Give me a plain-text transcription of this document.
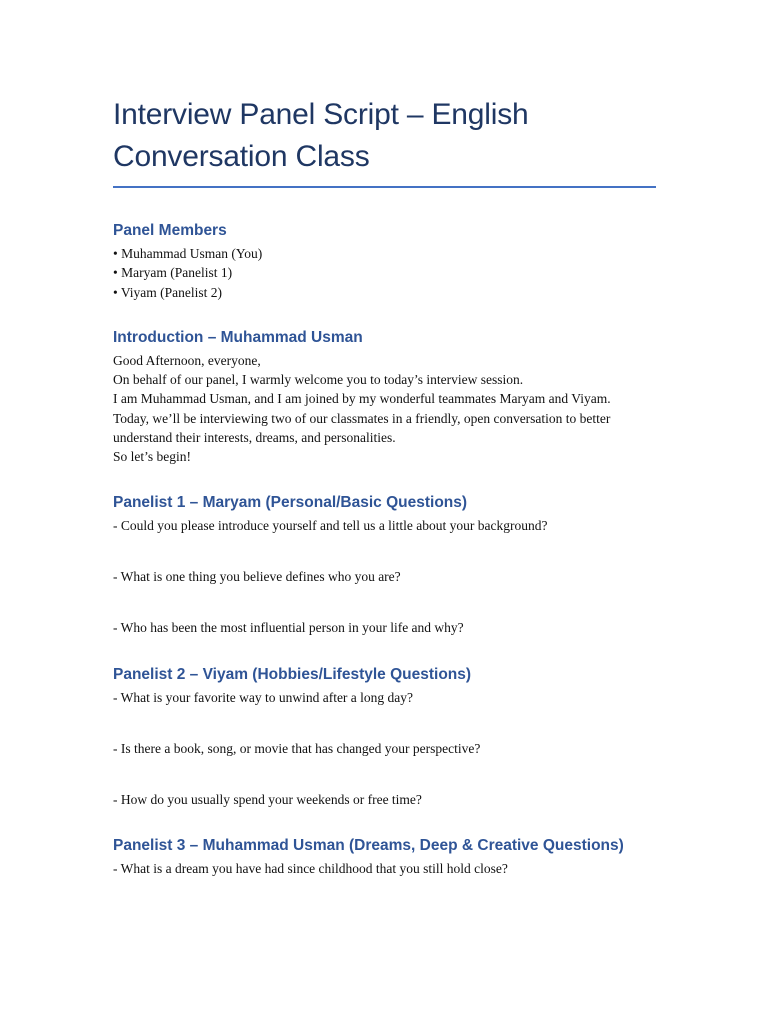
Interview Panel Script – English Conversation Class
Panel Members

• Muhammad Usman (You)

• Maryam (Panelist 1)

• Viyam (Panelist 2)

Introduction – Muhammad Usman

Good Afternoon, everyone,

On behalf of our panel, I warmly welcome you to today’s interview session.

I am Muhammad Usman, and I am joined by my wonderful teammates Maryam and Viyam.

Today, we’ll be interviewing two of our classmates in a friendly, open conversation to better understand their interests, dreams, and personalities.

So let’s begin!

Panelist 1 – Maryam (Personal/Basic Questions)

- Could you please introduce yourself and tell us a little about your background?

- What is one thing you believe defines who you are?

- Who has been the most influential person in your life and why?

Panelist 2 – Viyam (Hobbies/Lifestyle Questions)

- What is your favorite way to unwind after a long day?

- Is there a book, song, or movie that has changed your perspective?

- How do you usually spend your weekends or free time?

Panelist 3 – Muhammad Usman (Dreams, Deep & Creative Questions)

- What is a dream you have had since childhood that you still hold close?
